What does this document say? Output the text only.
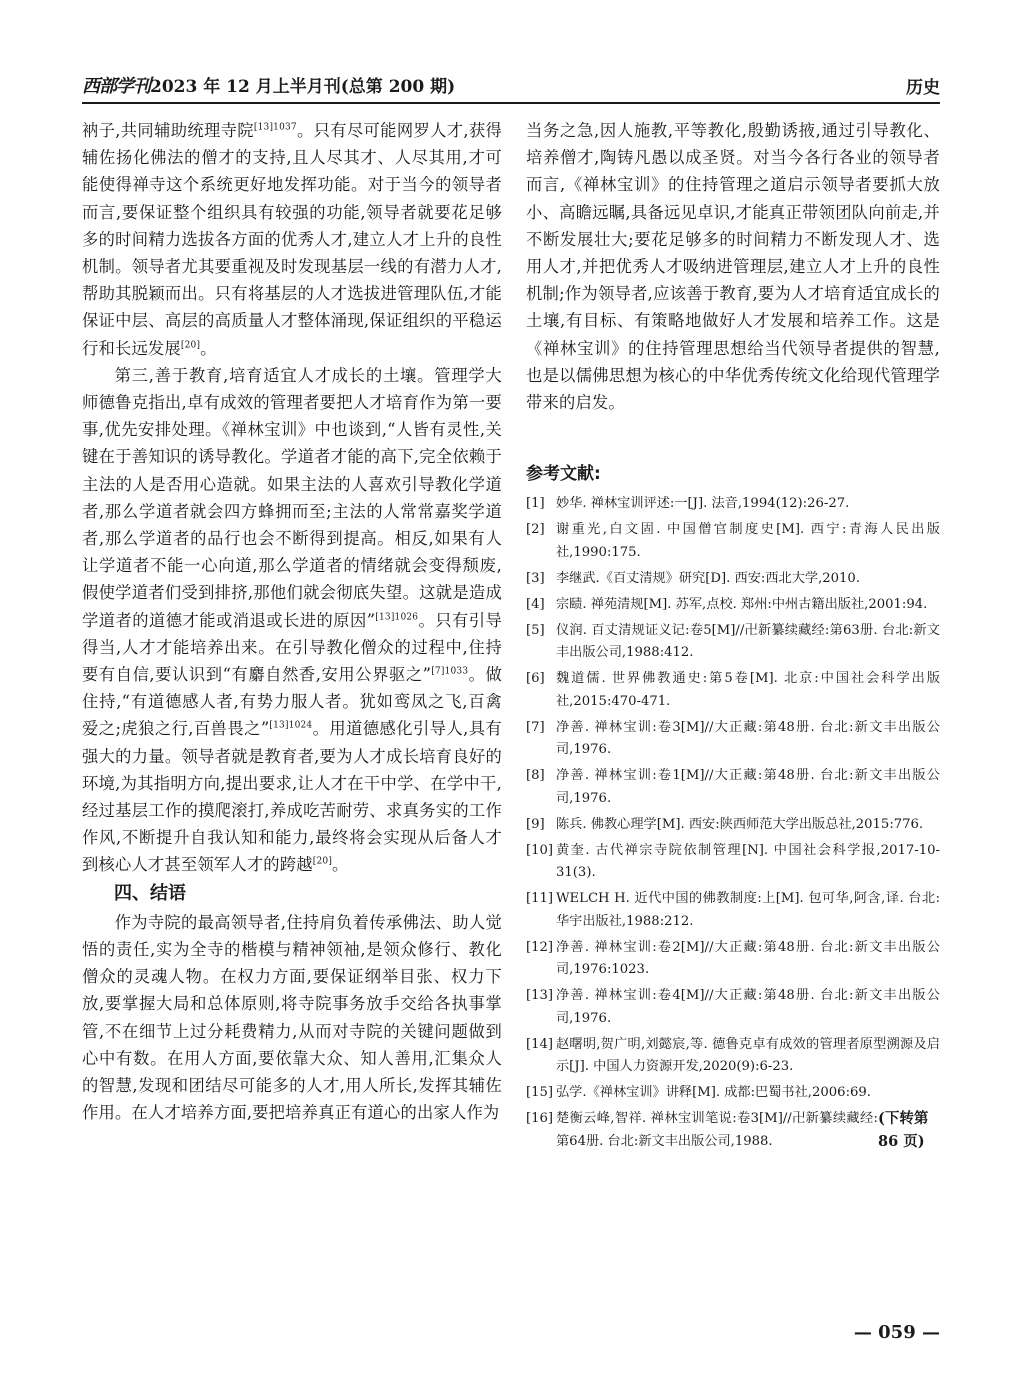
西部学刊2023 年 12 月上半月刊(总第 200 期)	历史

衲子,共同辅助统理寺院$^{[13]1037}$。只有尽可能网罗人才,获得辅佐扬化佛法的僧才的支持,且人尽其才、人尽其用,才可能使得禅寺这个系统更好地发挥功能。对于当今的领导者而言,要保证整个组织具有较强的功能,领导者就要花足够多的时间精力选拔各方面的优秀人才,建立人才上升的良性机制。领导者尤其要重视及时发现基层一线的有潜力人才,帮助其脱颖而出。只有将基层的人才选拔进管理队伍,才能保证中层、高层的高质量人才整体涌现,保证组织的平稳运行和长远发展[20]。

第三,善于教育,培育适宜人才成长的土壤。管理学大师德鲁克指出,卓有成效的管理者要把人才培育作为第一要事,优先安排处理。《禅林宝训》中也谈到,“人皆有灵性,关键在于善知识的诱导教化。学道者才能的高下,完全依赖于主法的人是否用心造就。如果主法的人喜欢引导教化学道者,那么学道者就会四方蜂拥而至;主法的人常常嘉奖学道者,那么学道者的品行也会不断得到提高。相反,如果有人让学道者不能一心向道,那么学道者的情绪就会变得颓废,假使学道者们受到排挤,那他们就会彻底失望。这就是造成学道者的道德才能或消退或长进的原因”$^{[13]1026}$。只有引导得当,人才才能培养出来。在引导教化僧众的过程中,住持要有自信,要认识到“有麝自然香,安用公界驱之”$^{[7]1033}$。做住持,“有道德感人者,有势力服人者。犹如鸾凤之飞,百禽爱之;虎狼之行,百兽畏之”$^{[13]1024}$。用道德感化引导人,具有强大的力量。领导者就是教育者,要为人才成长培育良好的环境,为其指明方向,提出要求,让人才在干中学、在学中干,经过基层工作的摸爬滚打,养成吃苦耐劳、求真务实的工作作风,不断提升自我认知和能力,最终将会实现从后备人才到核心人才甚至领军人才的跨越[20]。

四、结语

作为寺院的最高领导者,住持肩负着传承佛法、助人觉悟的责任,实为全寺的楷模与精神领袖,是领众修行、教化僧众的灵魂人物。在权力方面,要保证纲举目张、权力下放,要掌握大局和总体原则,将寺院事务放手交给各执事掌管,不在细节上过分耗费精力,从而对寺院的关键问题做到心中有数。在用人方面,要依靠大众、知人善用,汇集众人的智慧,发现和团结尽可能多的人才,用人所长,发挥其辅佐作用。在人才培养方面,要把培养真正有道心的出家人作为

当务之急,因人施教,平等教化,殷勤诱掖,通过引导教化、培养僧才,陶铸凡愚以成圣贤。对当今各行各业的领导者而言,《禅林宝训》的住持管理之道启示领导者要抓大放小、高瞻远瞩,具备远见卓识,才能真正带领团队向前走,并不断发展壮大;要花足够多的时间精力不断发现人才、选用人才,并把优秀人才吸纳进管理层,建立人才上升的良性机制;作为领导者,应该善于教育,要为人才培育适宜成长的土壤,有目标、有策略地做好人才发展和培养工作。这是《禅林宝训》的住持管理思想给当代领导者提供的智慧,也是以儒佛思想为核心的中华优秀传统文化给现代管理学带来的启发。

参考文献:
[1] 妙华. 禅林宝训评述:一[J]. 法音,1994(12):26-27.
[2] 谢重光,白文固. 中国僧官制度史[M]. 西宁:青海人民出版社,1990:175.
[3] 李继武.《百丈清规》研究[D]. 西安:西北大学,2010.
[4] 宗赜. 禅苑清规[M]. 苏军,点校. 郑州:中州古籍出版社,2001:94.
[5] 仪润. 百丈清规证义记:卷5[M]//卍新纂续藏经:第63册. 台北:新文丰出版公司,1988:412.
[6] 魏道儒. 世界佛教通史:第5卷[M]. 北京:中国社会科学出版社,2015:470-471.
[7] 净善. 禅林宝训:卷3[M]//大正藏:第48册. 台北:新文丰出版公司,1976.
[8] 净善. 禅林宝训:卷1[M]//大正藏:第48册. 台北:新文丰出版公司,1976.
[9] 陈兵. 佛教心理学[M]. 西安:陕西师范大学出版总社,2015:776.
[10] 黄奎. 古代禅宗寺院依制管理[N]. 中国社会科学报,2017-10-31(3).
[11] WELCH H. 近代中国的佛教制度:上[M]. 包可华,阿含,译. 台北:华宇出版社,1988:212.
[12] 净善. 禅林宝训:卷2[M]//大正藏:第48册. 台北:新文丰出版公司,1976:1023.
[13] 净善. 禅林宝训:卷4[M]//大正藏:第48册. 台北:新文丰出版公司,1976.
[14] 赵曙明,贺广明,刘懿宸,等. 德鲁克卓有成效的管理者原型溯源及启示[J]. 中国人力资源开发,2020(9):6-23.
[15] 弘学.《禅林宝训》讲释[M]. 成都:巴蜀书社,2006:69.
[16] 楚衡云峰,智祥. 禅林宝训笔说:卷3[M]//卍新纂续藏经:第64册. 台北:新文丰出版公司,1988.
(下转第 86 页)
— 059 —
